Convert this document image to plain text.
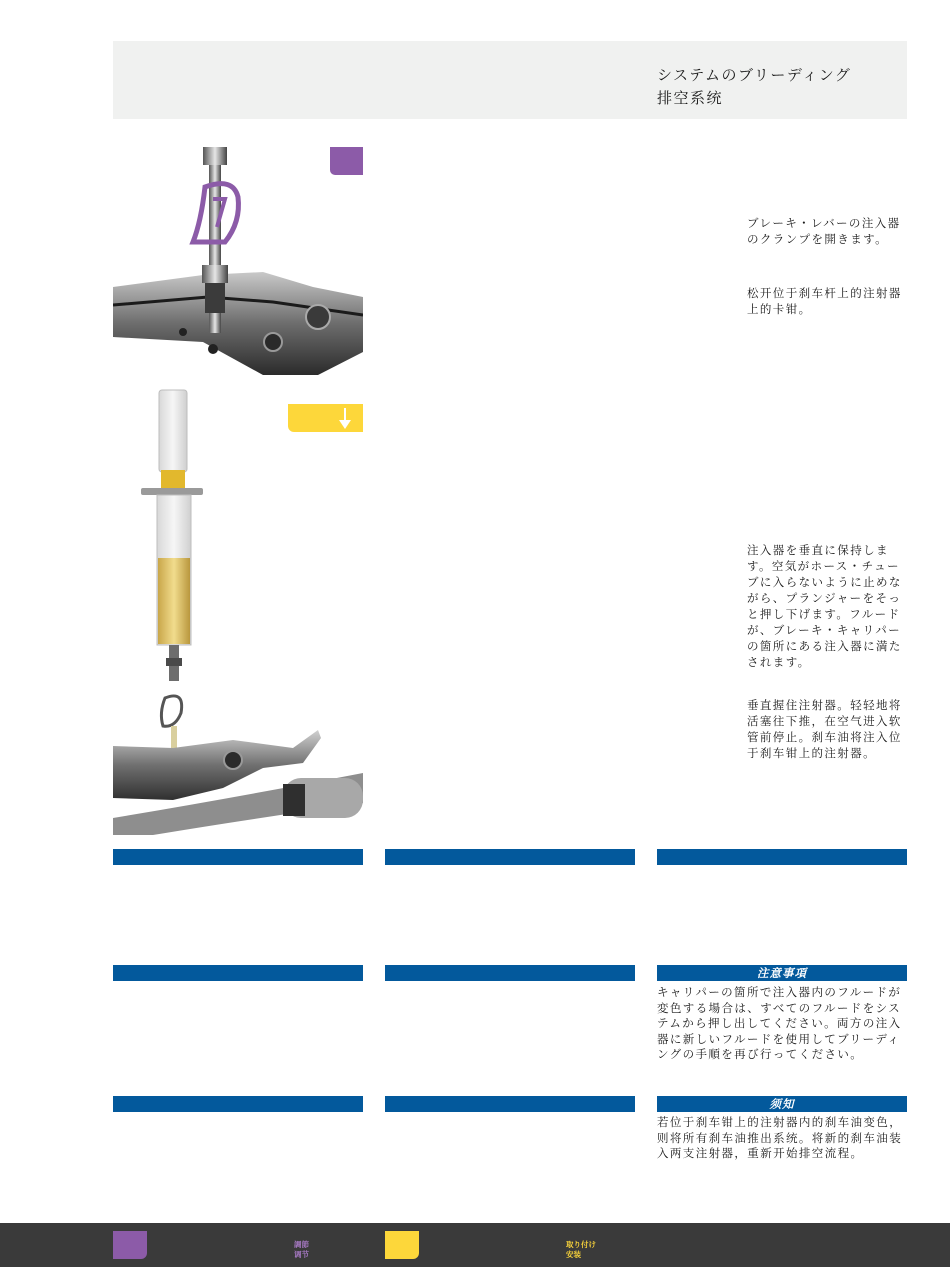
システムのブリーディング
排空系统
ブレーキ・レバーの注入器のクランプを開きます。
松开位于刹车杆上的注射器上的卡钳。
注入器を垂直に保持します。空気がホース・チューブに入らないように止めながら、プランジャーをそっと押し下げます。フルードが、ブレーキ・キャリパーの箇所にある注入器に満たされます。
垂直握住注射器。轻轻地将活塞往下推，在空气进入软管前停止。刹车油将注入位于刹车钳上的注射器。
注意事項
キャリパーの箇所で注入器内のフルードが変色する場合は、すべてのフルードをシステムから押し出してください。両方の注入器に新しいフルードを使用してブリーディングの手順を再び行ってください。
须知
若位于刹车钳上的注射器内的刹车油变色，则将所有刹车油推出系统。将新的刹车油装入两支注射器，重新开始排空流程。
調節
调节
取り付け
安装
